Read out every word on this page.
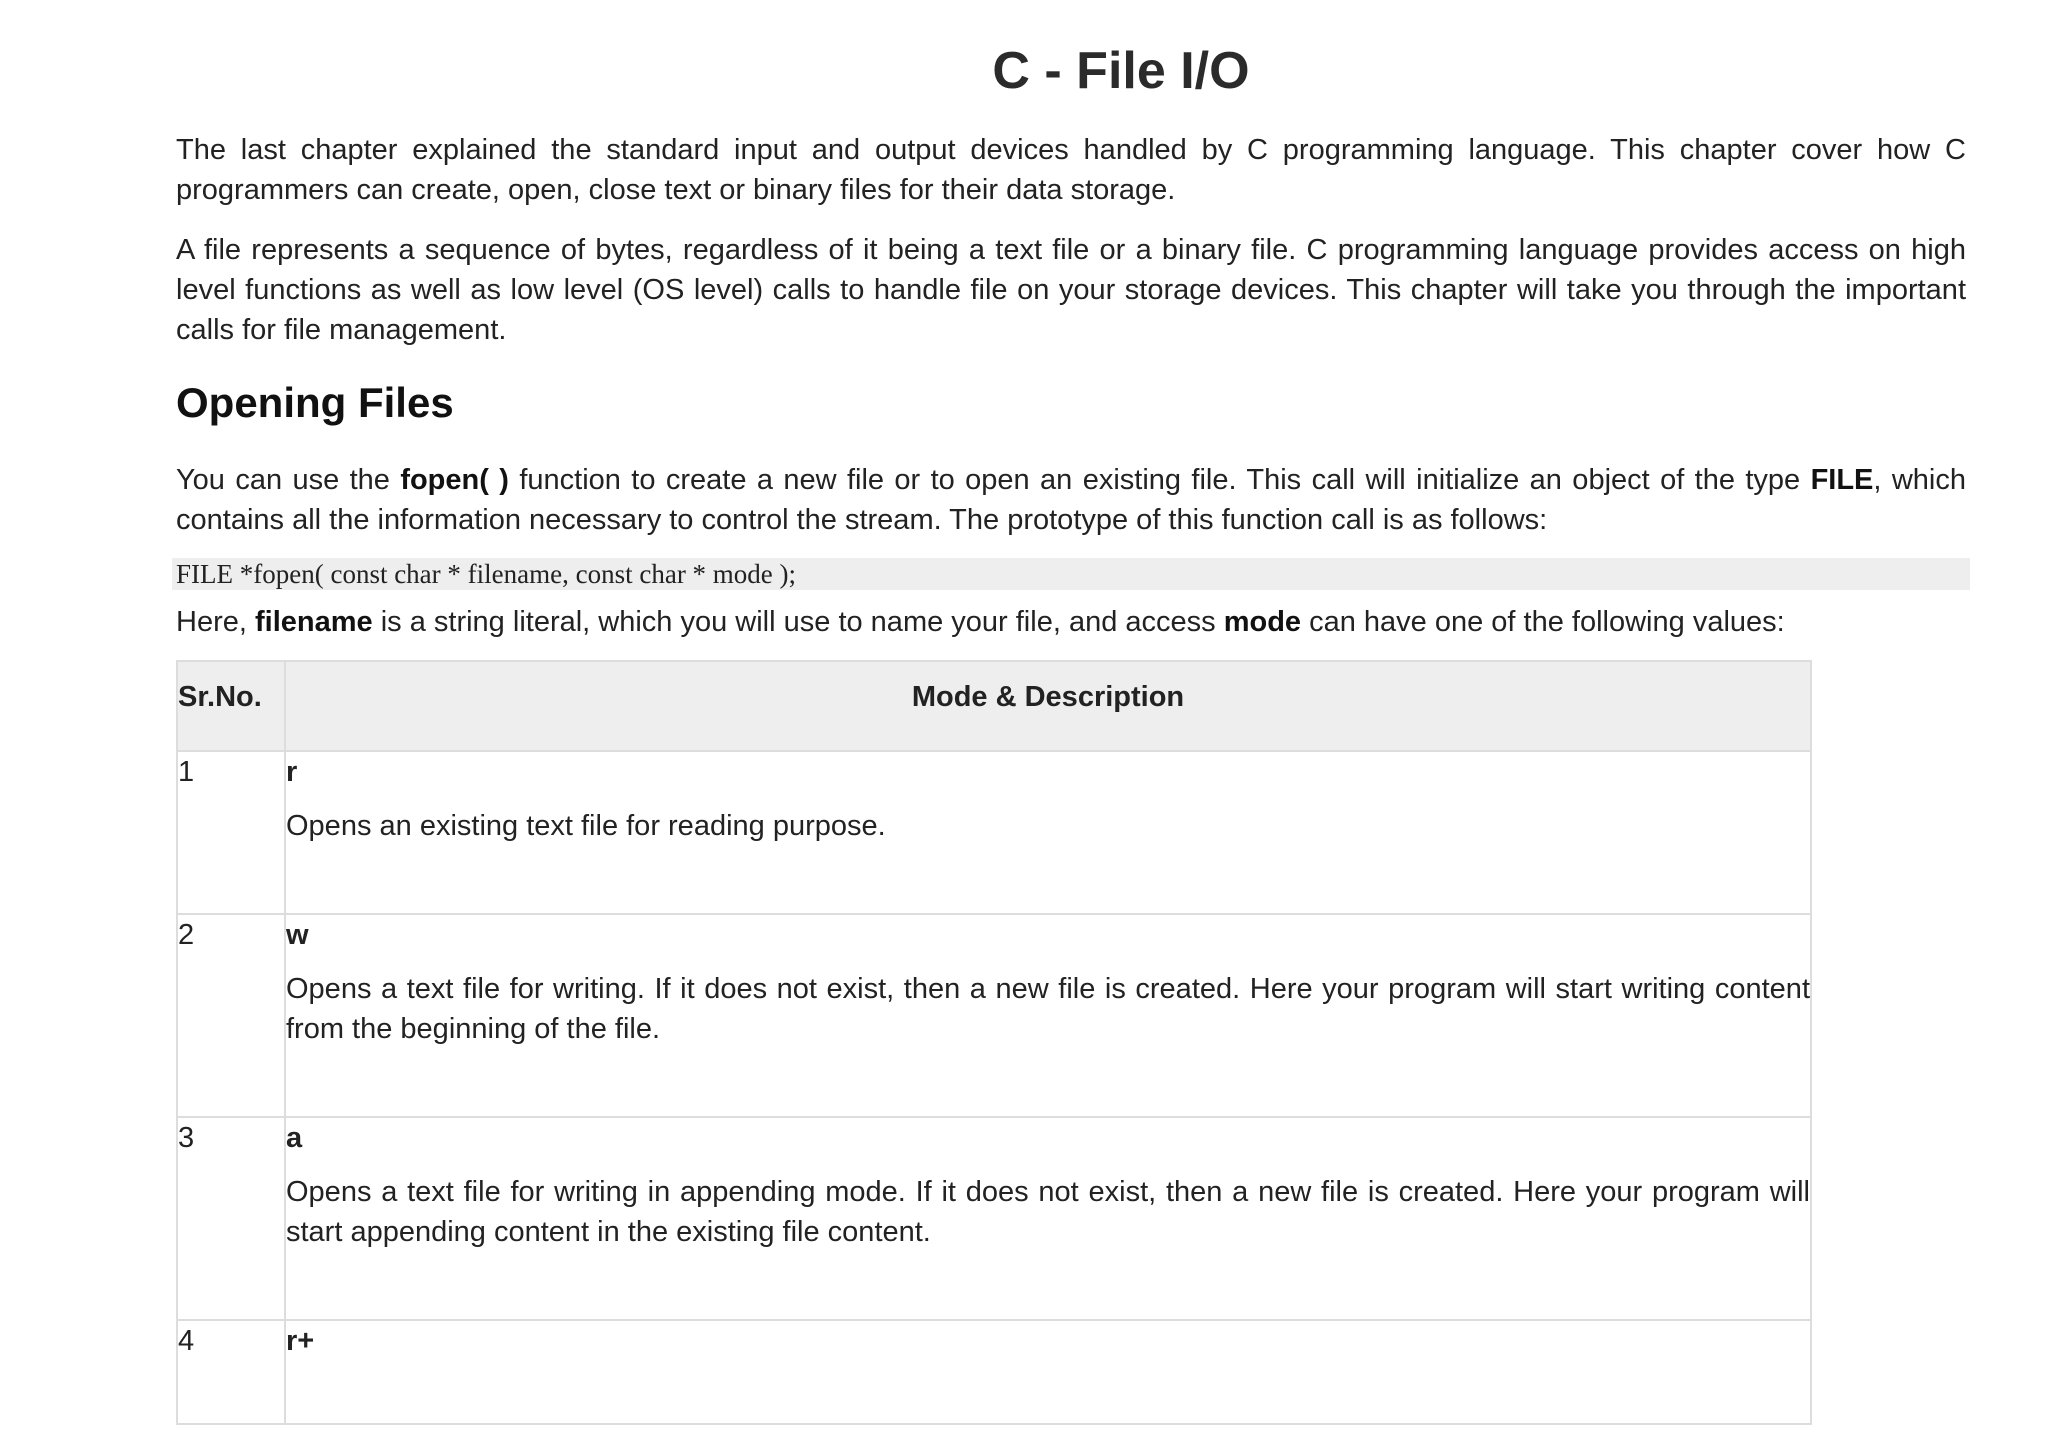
C - File I/O

The last chapter explained the standard input and output devices handled by C programming language. This chapter cover how C programmers can create, open, close text or binary files for their data storage.

A file represents a sequence of bytes, regardless of it being a text file or a binary file. C programming language provides access on high level functions as well as low level (OS level) calls to handle file on your storage devices. This chapter will take you through the important calls for file management.

Opening Files

You can use the fopen( ) function to create a new file or to open an existing file. This call will initialize an object of the type FILE, which contains all the information necessary to control the stream. The prototype of this function call is as follows:

FILE *fopen( const char * filename, const char * mode );

Here, filename is a string literal, which you will use to name your file, and access mode can have one of the following values:

Sr.No.	Mode & Description
1	r

Opens an existing text file for reading purpose.

2	w

Opens a text file for writing. If it does not exist, then a new file is created. Here your program will start writing content from the beginning of the file.

3	a

Opens a text file for writing in appending mode. If it does not exist, then a new file is created. Here your program will start appending content in the existing file content.

4	r+
